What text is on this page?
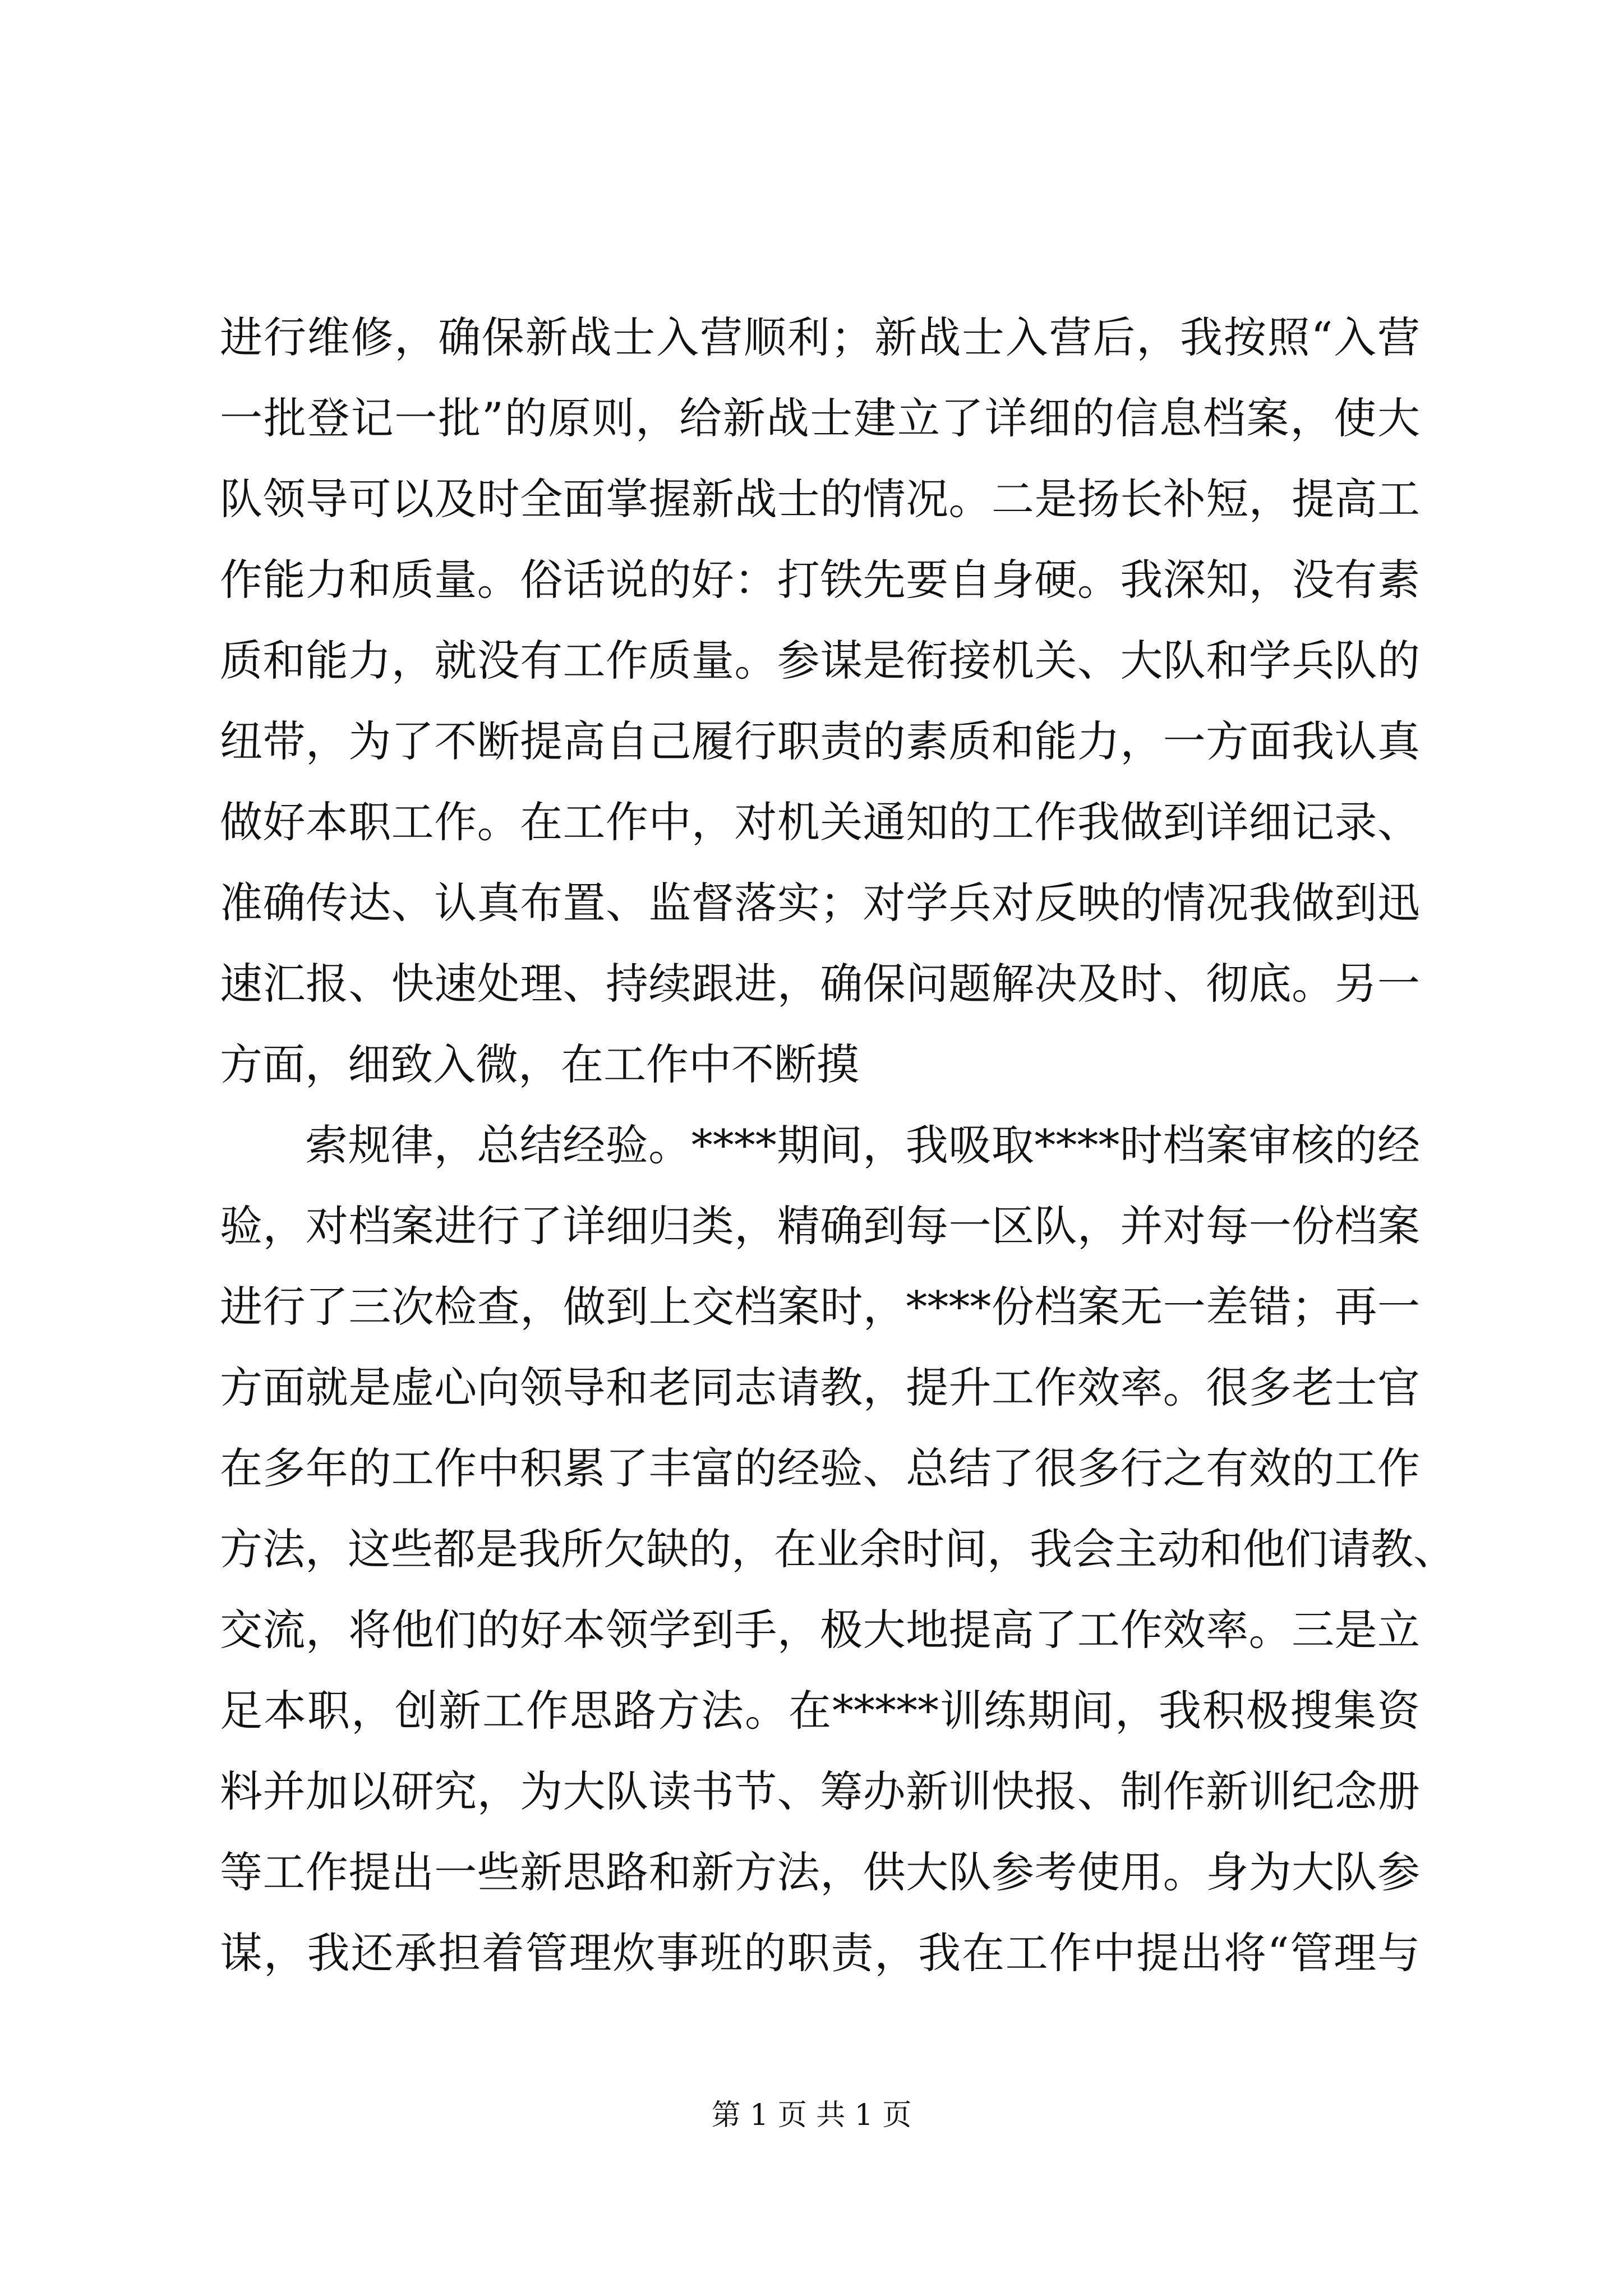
进行维修，确保新战士入营顺利；新战士入营后，我按照“入营
一批登记一批”的原则，给新战士建立了详细的信息档案，使大
队领导可以及时全面掌握新战士的情况。二是扬长补短，提高工
作能力和质量。俗话说的好：打铁先要自身硬。我深知，没有素
质和能力，就没有工作质量。参谋是衔接机关、大队和学兵队的
纽带，为了不断提高自己履行职责的素质和能力，一方面我认真
做好本职工作。在工作中，对机关通知的工作我做到详细记录、
准确传达、认真布置、监督落实；对学兵对反映的情况我做到迅
速汇报、快速处理、持续跟进，确保问题解决及时、彻底。另一
方面，细致入微，在工作中不断摸
索规律，总结经验。****期间，我吸取****时档案审核的经
验，对档案进行了详细归类，精确到每一区队，并对每一份档案
进行了三次检查，做到上交档案时，****份档案无一差错；再一
方面就是虚心向领导和老同志请教，提升工作效率。很多老士官
在多年的工作中积累了丰富的经验、总结了很多行之有效的工作
方法，这些都是我所欠缺的，在业余时间，我会主动和他们请教、
交流，将他们的好本领学到手，极大地提高了工作效率。三是立
足本职，创新工作思路方法。在*****训练期间，我积极搜集资
料并加以研究，为大队读书节、筹办新训快报、制作新训纪念册
等工作提出一些新思路和新方法，供大队参考使用。身为大队参
谋，我还承担着管理炊事班的职责，我在工作中提出将“管理与
第 1 页 共 1 页
